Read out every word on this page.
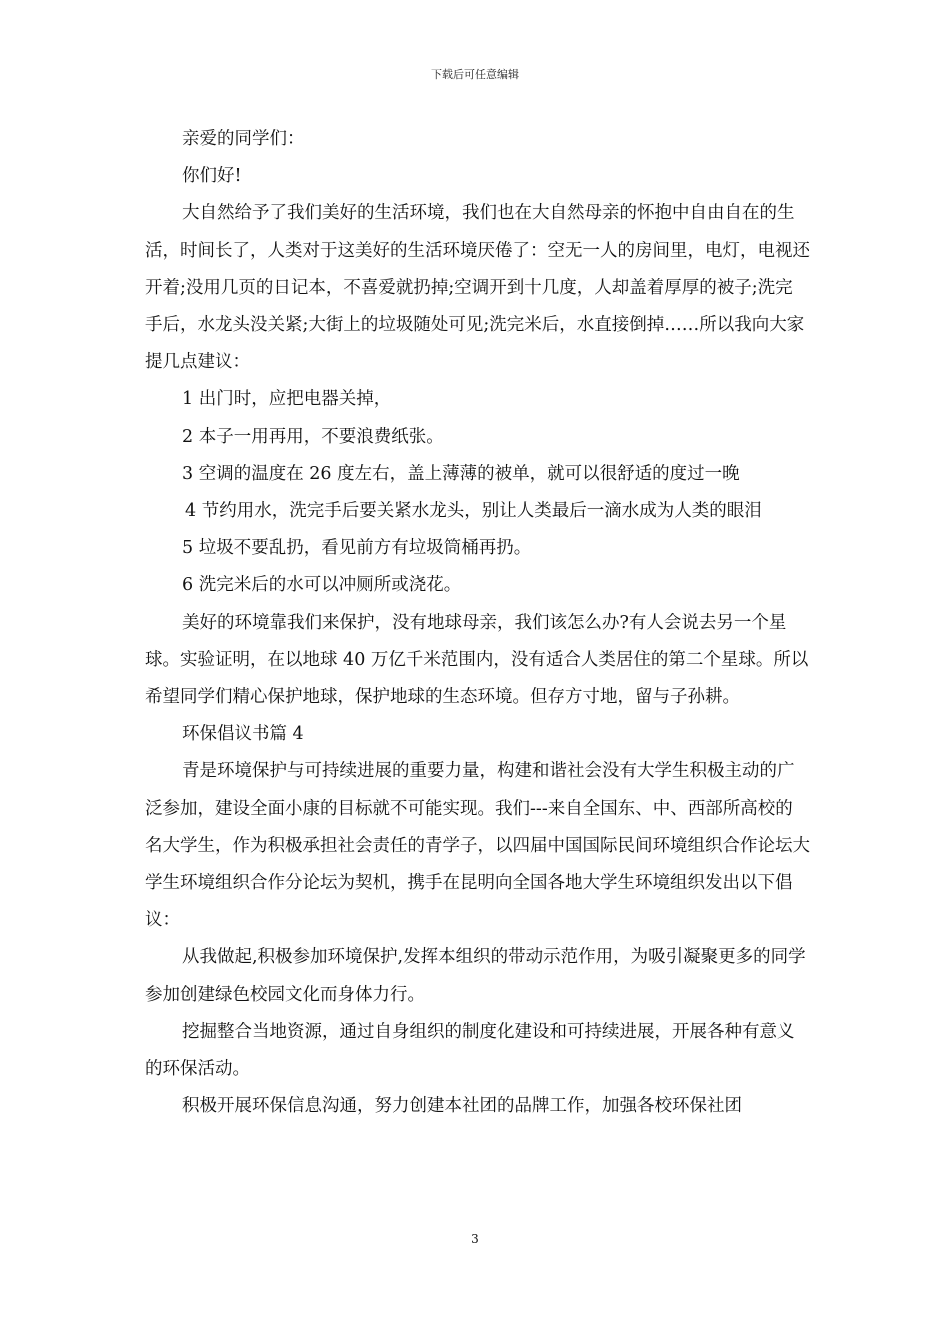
下载后可任意编辑

亲爱的同学们：

你们好!

大自然给予了我们美好的生活环境，我们也在大自然母亲的怀抱中自由自在的生活，时间长了，人类对于这美好的生活环境厌倦了：空无一人的房间里，电灯，电视还开着;没用几页的日记本，不喜爱就扔掉;空调开到十几度，人却盖着厚厚的被子;洗完手后，水龙头没关紧;大街上的垃圾随处可见;洗完米后，水直接倒掉……所以我向大家提几点建议：

1 出门时，应把电器关掉，

2 本子一用再用，不要浪费纸张。

3 空调的温度在 26 度左右，盖上薄薄的被单，就可以很舒适的度过一晚

4 节约用水，洗完手后要关紧水龙头，别让人类最后一滴水成为人类的眼泪

5 垃圾不要乱扔，看见前方有垃圾筒桶再扔。

6 洗完米后的水可以冲厕所或浇花。

美好的环境靠我们来保护，没有地球母亲，我们该怎么办?有人会说去另一个星球。实验证明，在以地球 40 万亿千米范围内，没有适合人类居住的第二个星球。所以希望同学们精心保护地球，保护地球的生态环境。但存方寸地，留与子孙耕。

环保倡议书篇 4

青是环境保护与可持续进展的重要力量，构建和谐社会没有大学生积极主动的广泛参加，建设全面小康的目标就不可能实现。我们---来自全国东、中、西部所高校的名大学生，作为积极承担社会责任的青学子，以四届中国国际民间环境组织合作论坛大学生环境组织合作分论坛为契机，携手在昆明向全国各地大学生环境组织发出以下倡议：

从我做起,积极参加环境保护,发挥本组织的带动示范作用，为吸引凝聚更多的同学参加创建绿色校园文化而身体力行。

挖掘整合当地资源，通过自身组织的制度化建设和可持续进展，开展各种有意义的环保活动。

积极开展环保信息沟通，努力创建本社团的品牌工作，加强各校环保社团

3
